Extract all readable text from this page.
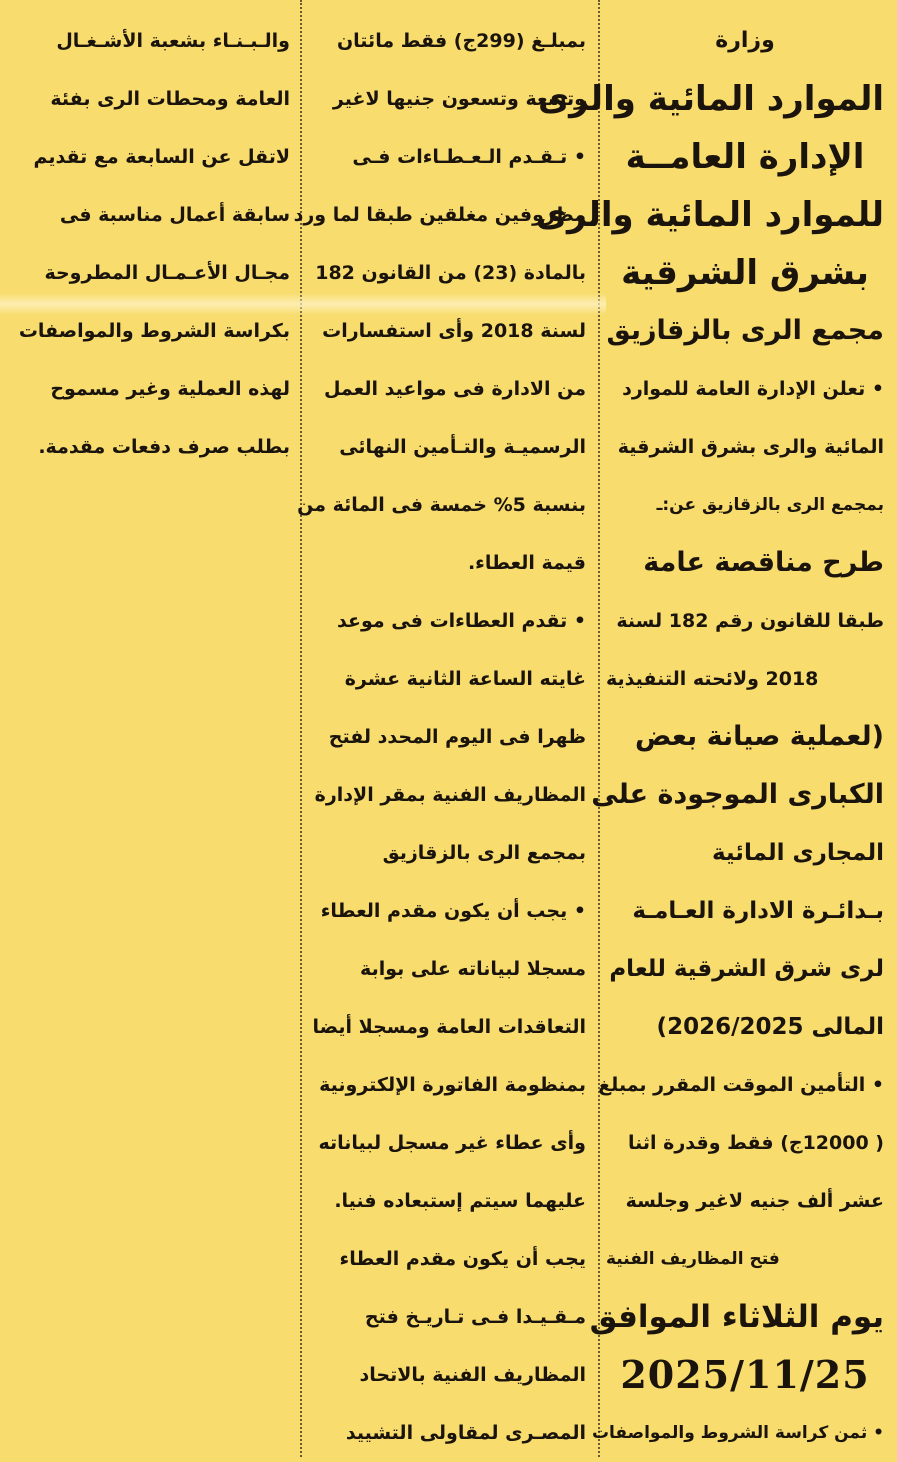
وزارة
الموارد المائية والرى
الإدارة العامــة
للموارد المائية والرى
بشرق الشرقية
مجمع الرى بالزقازيق
• تعلن الإدارة العامة للموارد
المائية والرى بشرق الشرقية
بمجمع الرى بالزقازيق عن:ـ
طرح مناقصة عامة
طبقا للقانون رقم 182 لسنة
2018 ولائحته التنفيذية
(لعملية صيانة بعض
الكبارى الموجودة على
المجارى المائية
بـدائـرة الادارة العـامـة
لرى شرق الشرقية للعام
المالى 2026/2025)
• التأمين الموقت المقرر بمبلغ
( 12000ج) فقط وقدرة اثنا
عشر ألف جنيه لاغير وجلسة
فتح المظاريف الفنية
يوم الثلاثاء الموافق
2025/11/25
• ثمن كراسة الشروط والمواصفات
بمبلـغ (299ج) فقط مائتان
وتسعة وتسعون جنيها لاغير
• تـقـدم الـعـطـاءات فـى
مظروفين مغلقين طبقا لما ورد
بالمادة (23) من القانون 182
لسنة 2018 وأى استفسارات
من الادارة فى مواعيد العمل
الرسميـة والتـأمين النهائى
بنسبة 5% خمسة فى المائة من
قيمة العطاء.
• تقدم العطاءات فى موعد
غايته الساعة الثانية عشرة
ظهرا فى اليوم المحدد لفتح
المظاريف الفنية بمقر الإدارة
بمجمع الرى بالزقازيق
• يجب أن يكون مقدم العطاء
مسجلا لبياناته على بوابة
التعاقدات العامة ومسجلا أيضا
بمنظومة الفاتورة الإلكترونية
وأى عطاء غير مسجل لبياناته
عليهما سيتم إستبعاده فنيا.
يجب أن يكون مقدم العطاء
مـقـيـدا فـى تـاريـخ فتح
المظاريف الفنية بالاتحاد
المصـرى لمقاولى التشييد
والـبـنـاء بشعبة الأشـغـال
العامة ومحطات الرى بفئة
لاتقل عن السابعة مع تقديم
سابقة أعمال مناسبة فى
مجـال الأعـمـال المطروحة
بكراسة الشروط والمواصفات
لهذه العملية وغير مسموح
بطلب صرف دفعات مقدمة.
